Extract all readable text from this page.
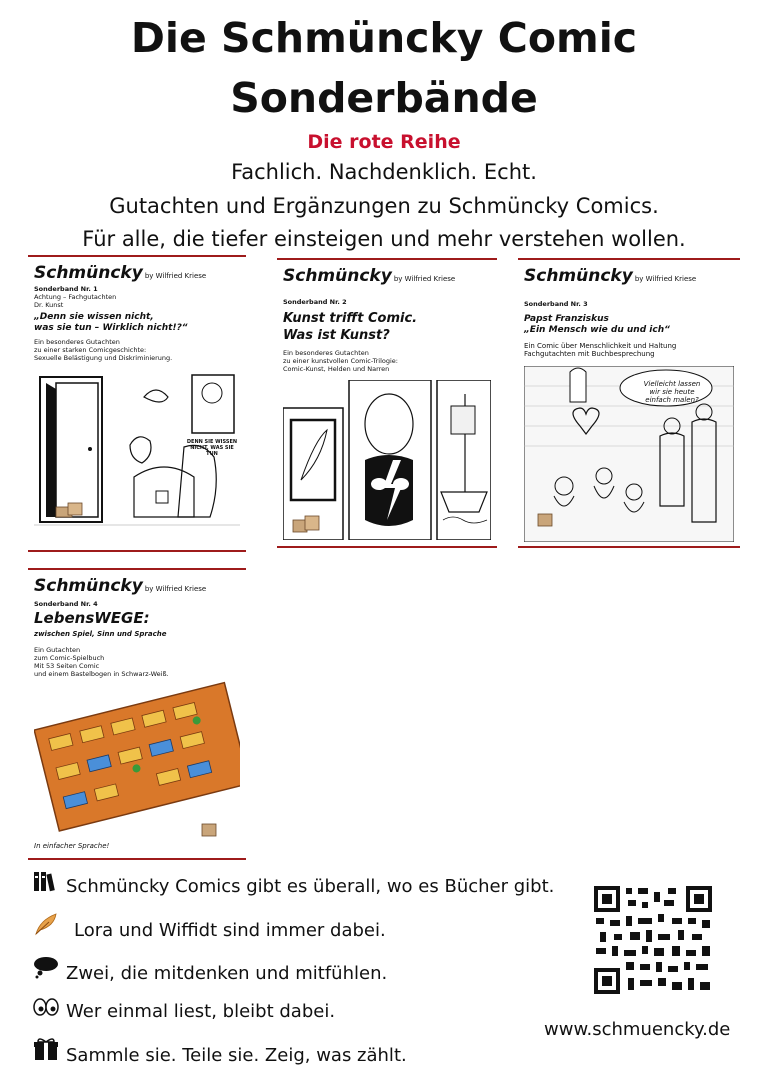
Die Schmüncky Comic
Sonderbände
Die rote Reihe
Fachlich. Nachdenklich. Echt.
Gutachten und Ergänzungen zu Schmüncky Comics.
Für alle, die tiefer einsteigen und mehr verstehen wollen.
Schmüncky by Wilfried Kriese
Sonderband Nr. 1
Achtung – Fachgutachten
Dr. Kunst
„Denn sie wissen nicht,
was sie tun – Wirklich nicht!?“
Ein besonderes Gutachten
zu einer starken Comicgeschichte:
Sexuelle Belästigung und Diskriminierung.
DENN SIE WISSEN NICHT, WAS SIE TUN
Schmüncky by Wilfried Kriese
Sonderband Nr. 2
Kunst trifft Comic.
Was ist Kunst?
Ein besonderes Gutachten
zu einer kunstvollen Comic-Trilogie:
Comic-Kunst, Helden und Narren
Schmüncky by Wilfried Kriese
Sonderband Nr. 3
Papst Franziskus
„Ein Mensch wie du und ich“
Ein Comic über Menschlichkeit und Haltung
Fachgutachten mit Buchbesprechung
Vielleicht lassen
wir sie heute
einfach malen?
Schmüncky by Wilfried Kriese
Sonderband Nr. 4
LebensWEGE:
zwischen Spiel, Sinn und Sprache
Ein Gutachten
zum Comic-Spielbuch
Mit 53 Seiten Comic
und einem Bastelbogen in Schwarz-Weiß.
In einfacher Sprache!
Schmüncky Comics gibt es überall, wo es Bücher gibt.
Lora und Wiffidt sind immer dabei.
Zwei, die mitdenken und mitfühlen.
Wer einmal liest, bleibt dabei.
Sammle sie. Teile sie. Zeig, was zählt.
www.schmuencky.de
